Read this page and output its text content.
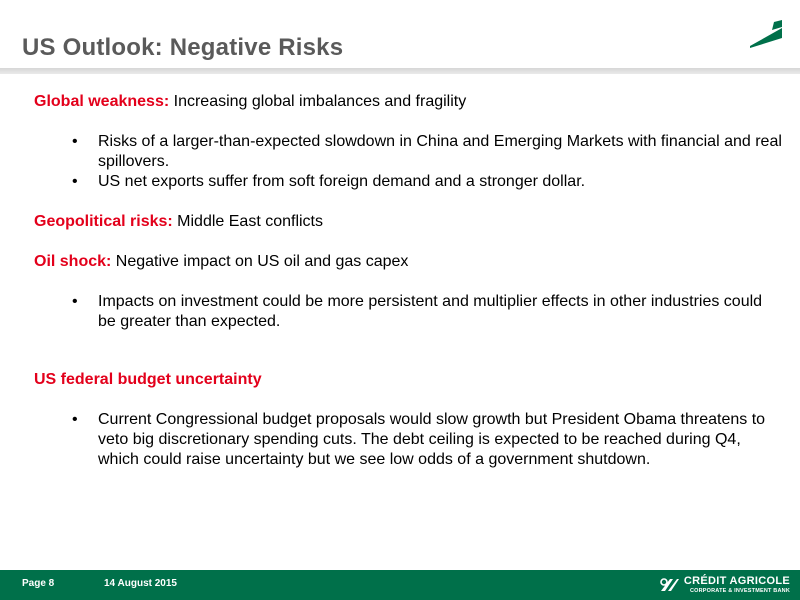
US Outlook: Negative Risks

Global weakness: Increasing global imbalances and fragility

• Risks of a larger-than-expected slowdown in China and Emerging Markets with financial and real spillovers.
• US net exports suffer from soft foreign demand and a stronger dollar.

Geopolitical risks: Middle East conflicts

Oil shock: Negative impact on US oil and gas capex

• Impacts on investment could be more persistent and multiplier effects in other industries could be greater than expected.

US federal budget uncertainty

• Current Congressional budget proposals would slow growth but President Obama threatens to veto big discretionary spending cuts. The debt ceiling is expected to be reached during Q4, which could raise uncertainty but we see low odds of a government shutdown.
Page 8	14 August 2015	CRÉDIT AGRICOLE
CORPORATE & INVESTMENT BANK
